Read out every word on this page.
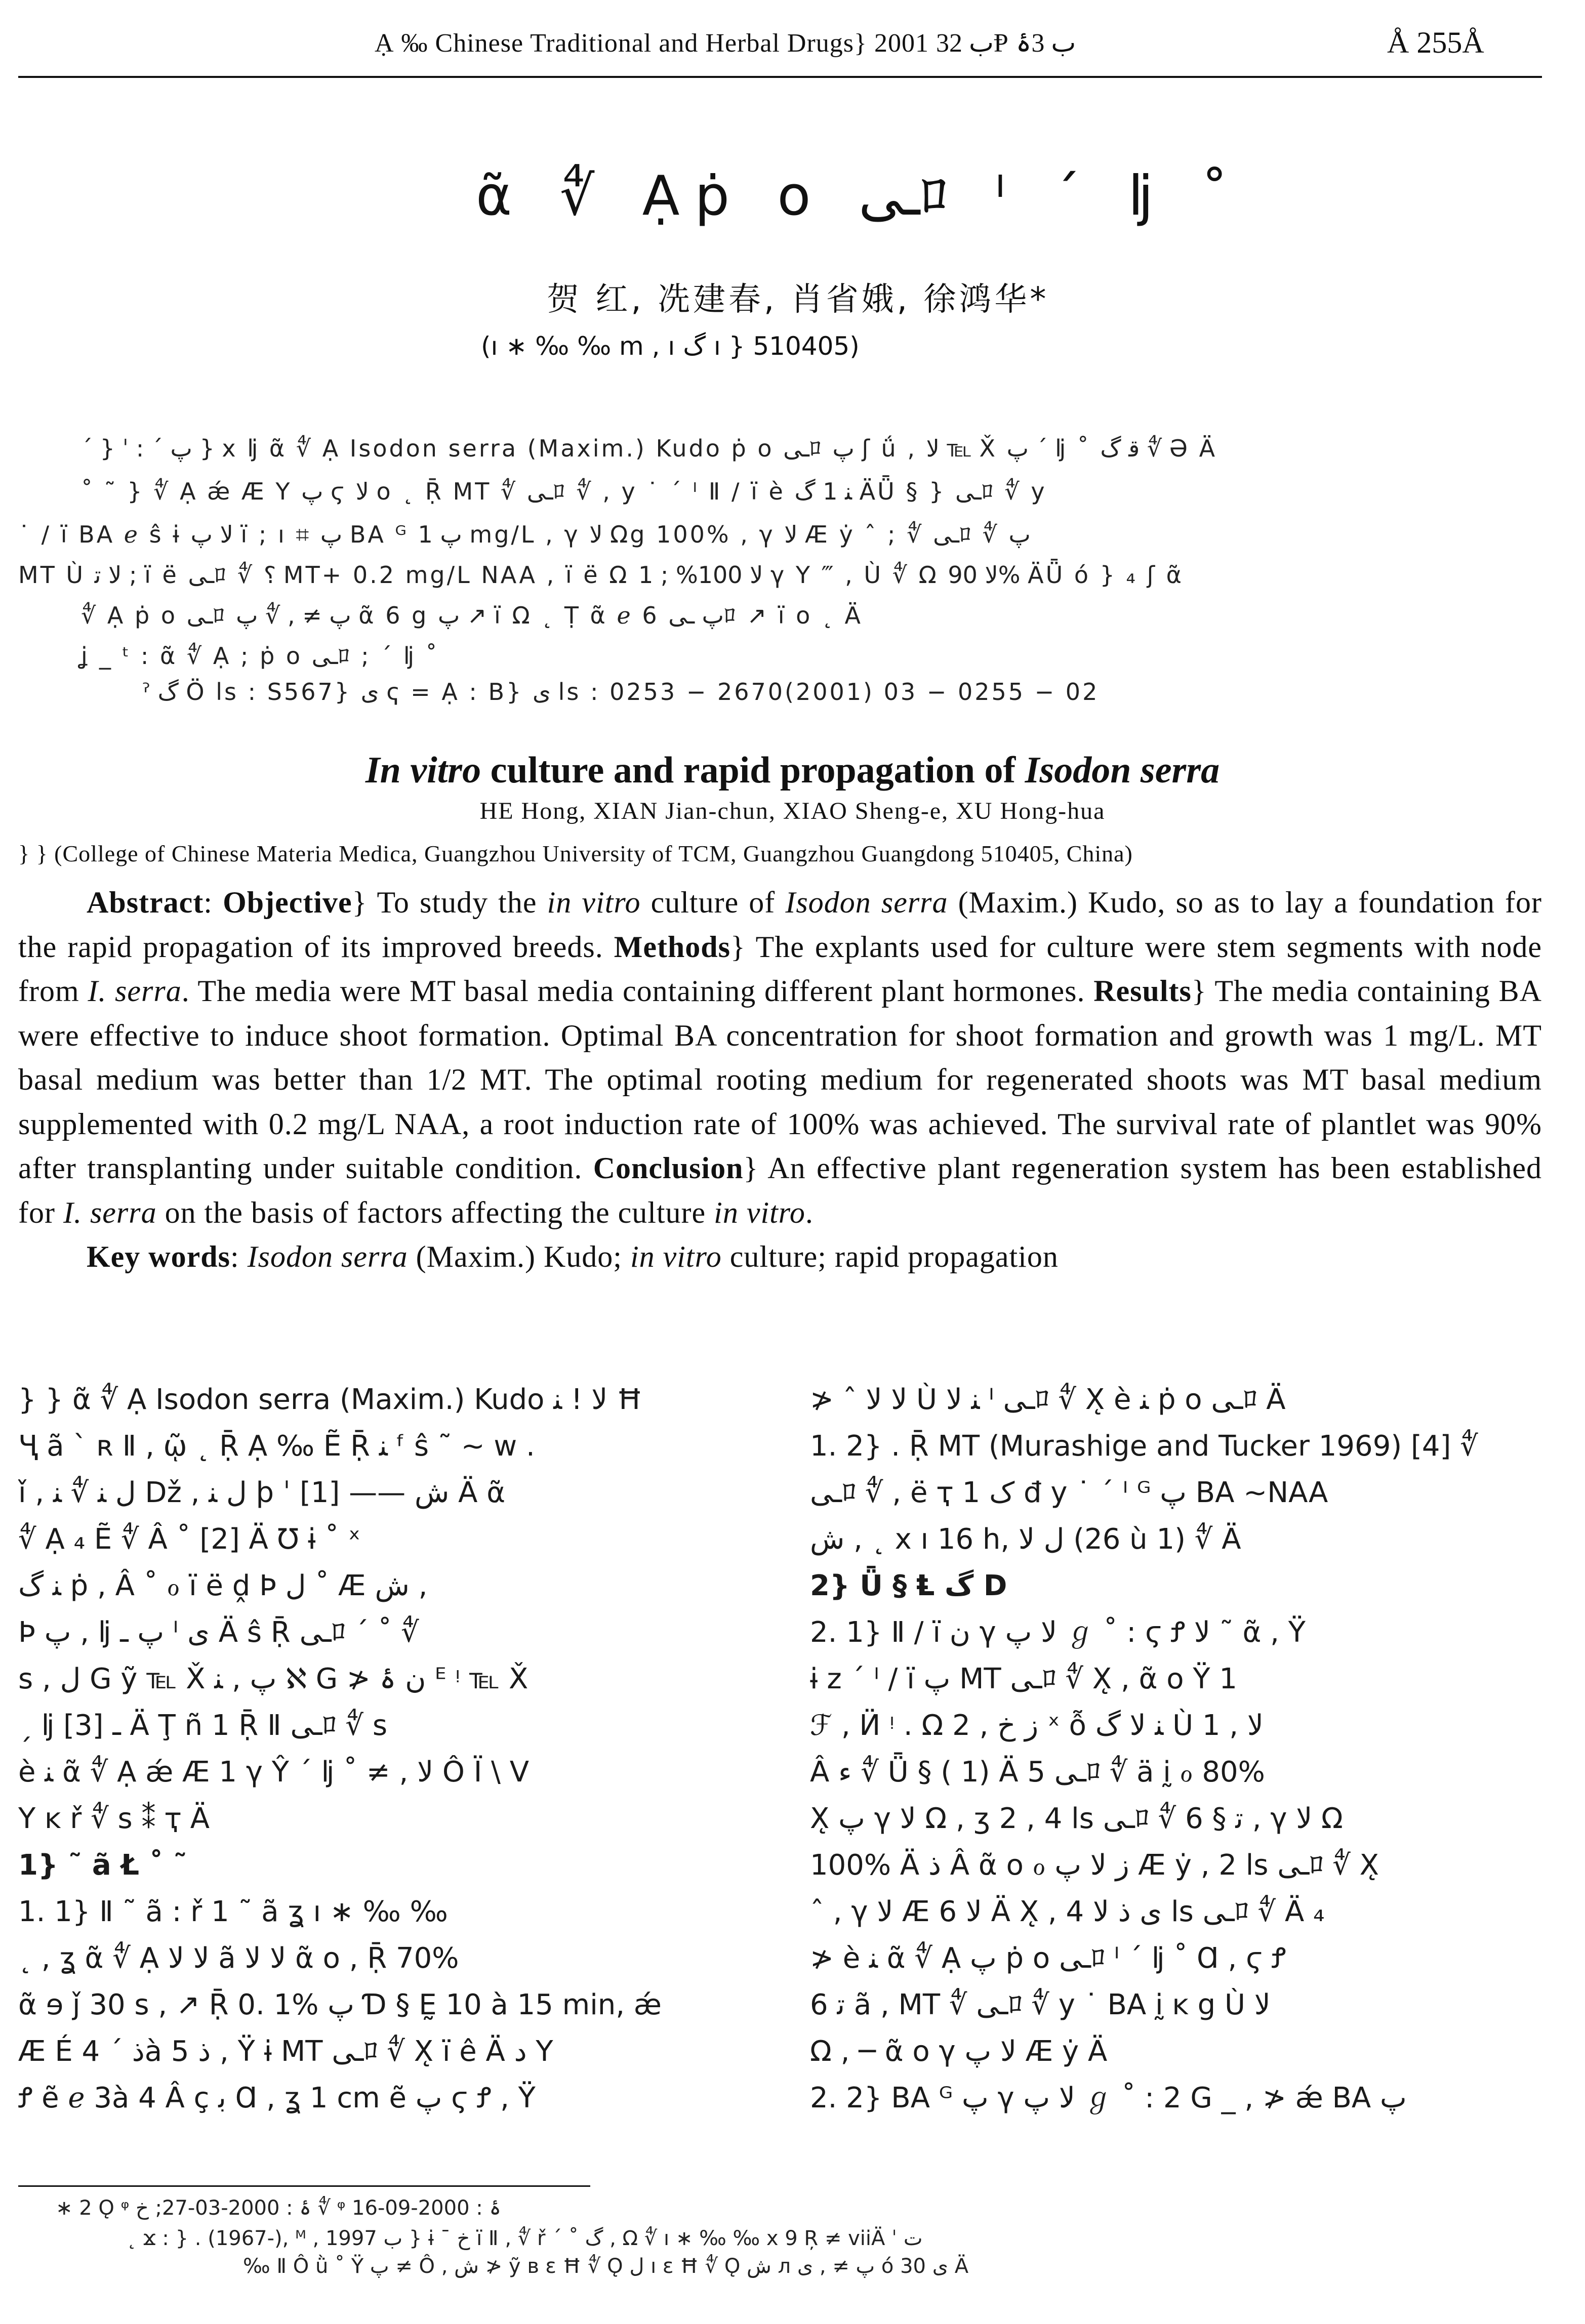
Ạ ‰ Chinese Traditional and Herbal Drugs} 2001 ب 32Ᵽ ب 3ۀ	Å 255Å
ᾶ ∜ Ạṗ o ـیﾛ ᴵ ˊ ǉ ˚
贺 红, 冼建春, 肖省娥, 徐鸿华*
(ı ∗ ‰ ‰ m , ı گ ı } 510405)
ˊ } ˈ : ˊ پ } x ǉ ᾶ ∜ Ạ Isodon serra (Maxim.) Kudo ṗ o ـیﾛ پ ʃ ǘ , ﻻ ℡ X̌ پ ˊ ǉ ˚ ﻗ گ ∜ Ə Ä
˚ ˜ } ∜ Ạ ǽ Æ Y پ ϛ ﻻ o ˛ Ṝ MT ∜ ـیﾛ ∜ , y ˙ ˊ ᴵ Ⅱ ∕ ï è ﻨ 1 گ ÄǕ § } ـیﾛ ∜ y
˙ ∕ ï BA ℯ ŝ ɨ ﻻ پ ï ; ı ⌗ پ BA ᴳ پ 1 mg/L , γ ﻻ Ωg 100% , γ ﻻ Æ ẏ ˆ ; ∜ ـیﾛ ∜ پ
MT Ù ﻻ ﺗ ; ï ë ـیﾛ ∜ ؟ MT+ 0.2 mg/L NAA , ï ë Ω ﻻ 100% ; 1 γ Y ‴ , Ù ∜ Ω ﻻ 90% ÄǕ ó } ₄ ʃ ᾶ
∜ Ạ ṗ o ـیﾛ پ ≠ , ∜ پ ᾶ 6 g پ ↗ ï Ω ˛ Ṭ ᾶ ℯ 6 پ ـیﾛ ↗ ï o ˛ Ä
ʝ _ ᵗ : ᾶ ∜ Ạ ; ṗ o ـیﾛ ; ˊ ǉ ˚
ˀ گ Ö ls : S567} ی ҁ = Ạ : B} ی ls : 0253 − 2670(2001) 03 − 0255 − 02
In vitro culture and rapid propagation of Isodon serra
HE Hong, XIAN Jian-chun, XIAO Sheng-e, XU Hong-hua
} } (College of Chinese Materia Medica, Guangzhou University of TCM, Guangzhou Guangdong 510405, China)

Abstract: Objective} To study the in vitro culture of Isodon serra (Maxim.) Kudo, so as to lay a foundation for the rapid propagation of its improved breeds. Methods} The explants used for culture were stem segments with node from I. serra. The media were MT basal media containing different plant hormones. Results} The media containing BA were effective to induce shoot formation. Optimal BA concentration for shoot formation and growth was 1 mg/L. MT basal medium was better than 1/2 MT. The optimal rooting medium for regenerated shoots was MT basal medium supplemented with 0.2 mg/L NAA, a root induction rate of 100% was achieved. The survival rate of plantlet was 90% after transplanting under suitable condition. Conclusion} An effective plant regeneration system has been established for I. serra on the basis of factors affecting the culture in vitro.

Key words: Isodon serra (Maxim.) Kudo; in vitro culture; rapid propagation

} } ᾶ ∜ Ạ Isodon serra (Maxim.) Kudo ﻻ ! ﻨ Ħ
Ҷ ã ˋ ʀ Ⅱ , ῷ ˛ Ṝ Ạ ‰ Ẽ Ṝ ﻨ ᶠ ŝ ˜ ~ w .
ǐ , ﻝ ﻨ ∜ ﻨ Dž , ﻝ ﻨ þ ˈ ﺵ —— [1] Ä ᾶ
∜ Ạ ₄ Ẽ ∜ Â ˚ [2] Ä Ʊ ɨ ˚ ˣ
ﻨ گ ṗ , Â ˚ ℴ ï ë ḓ Þ ﻝ ˚ Æ ﺵ ,
Þ پ , ǉ پ ـ ᴵ ی Ä ŝ Ṝ ـیﾛ ˊ ˚ ∜
s , ﻝ G ỹ ℡ X̌ پ , ﻨ ℵ G ≯ ﻥ ۂ ᴱ ᵎ ℡ X̌
ˏ ǉ ـ [3] Ä Ţ ñ 1 Ṝ Ⅱ ـیﾛ ∜ s
è ﻨ ᾶ ∜ Ạ ǽ Æ 1 γ Ŷ ˊ ǉ ˚ ≠ , ﻻ Ô Ï \ V
Υ ĸ ř ∜ s ⁑ ҭ Ä
1} ˜ ã Ł ˚ ˜
1. 1} Ⅱ ˜ ã : ř 1 ˜ ã ʓ ı ∗ ‰ ‰
˛ , ʓ ᾶ ∜ Ạ ﻻ ﻻ ã ﻻ ﻻ ᾶ o , Ṝ 70%
ᾶ ɘ ǰ 30 s , ↗ Ṝ 0. 1% پ Ɗ § Ḛ 10 à 15 min, ǽ
Æ É ﺫ ˊ 4à 5 ﺫ , Ÿ ɨ MT ـیﾛ ∜ X̨ ï ê Ä ﺩ Y
Ꝭ ẽ ℯ 3à 4 Â ç ﺑ Ɑ , ʓ 1 cm ẽ پ ϛ Ꝭ , Ÿ
≯ ˆ ﻻ ﻻ Ù ﻨ ﻻ ᴵ ـیﾛ ∜ X̨ è ﻨ ṗ o ـیﾛ Ä
1. 2} . Ṝ MT (Murashige and Tucker 1969) [4] ∜
ـیﾛ ∜ , ë ҭ 1 ک đ y ˙ ˊ ᴵ ᴳ پ BA ~NAA
ﺵ , ˛ x ı 16 h, ﻝ ﻻ (26 ù 1) ∜ Ä
2} Ǖ § Ⱡ گ D
2. 1} Ⅱ ∕ ï ﻥ γ ﻻ پ ℊ ˚ : ϛ Ꝭ ﻻ ˜ ᾶ , Ÿ
ɨ z ˊ ᴵ ∕ ï پ MT ـیﾛ ∜ X̨ , ᾶ o Ÿ 1
ℱ , Ӥ ᵎ . Ω ﺯ ﺥ , 2 ˣ ỗ ﻨ ﻻ گ Ù ﻻ , 1
Â ﺀ ∜ Ǖ § ( 1) Ä 5 ـیﾛ ∜ ä ḭ ℴ 80%
X̨ پ γ ﻻ Ω , ʒ 2 , 4 ls ـیﾛ ∜ 6 § ﺗ , γ ﻻ Ω
100% Ä ﺫ Â ᾶ o ℴ ﺯ ﻻ پ Æ ẏ , 2 ls ـیﾛ ∜ X̨
ˆ , γ ﻻ Æ ﻻ 6 Ä X̨ , ﻯ ﺫ ﻻ 4 ls ـیﾛ ∜ Ä ₄
≯ è ﻨ ᾶ ∜ Ạ پ ṗ o ـیﾛ ᴵ ˊ ǉ ˚ Ɑ , ϛ Ꝭ
6 ﺗ ã , MT ∜ ـیﾛ ∜ y ˙ BA ḭ ĸ g Ù ﻻ
Ω , ─ ᾶ o γ ﻻ پ Æ ẏ Ä
2. 2} BA ᴳ پ γ ﻻ پ ℊ ˚ : 2 G _ , ≯ ǽ BA پ
∗ 2 Ǫ ᵠ ۂ : 2000-03-27; ﺥ ∜ ᵠ ۂ : 2000-09-16
˛ ϫ : } . (1967-), ᴹ , 1997 ب } ɨ ˉ ﺥ ï Ⅱ , ∜ ř ˊ ˚ گ , Ω ∜ ı ∗ ‰ ‰ x 9 Ŗ ≠ viiÄ ˈ ﺕ
‰ Ⅱ Ô ǜ ˚ Ÿ پ ≠ Ô , ﺵ ≯ ỹ ʙ ε Ħ ∜ Ǫ ﻝ ı ε Ħ ∜ Ǫ ﺵ л پ ≠ , ی ó ی 30 Ä
